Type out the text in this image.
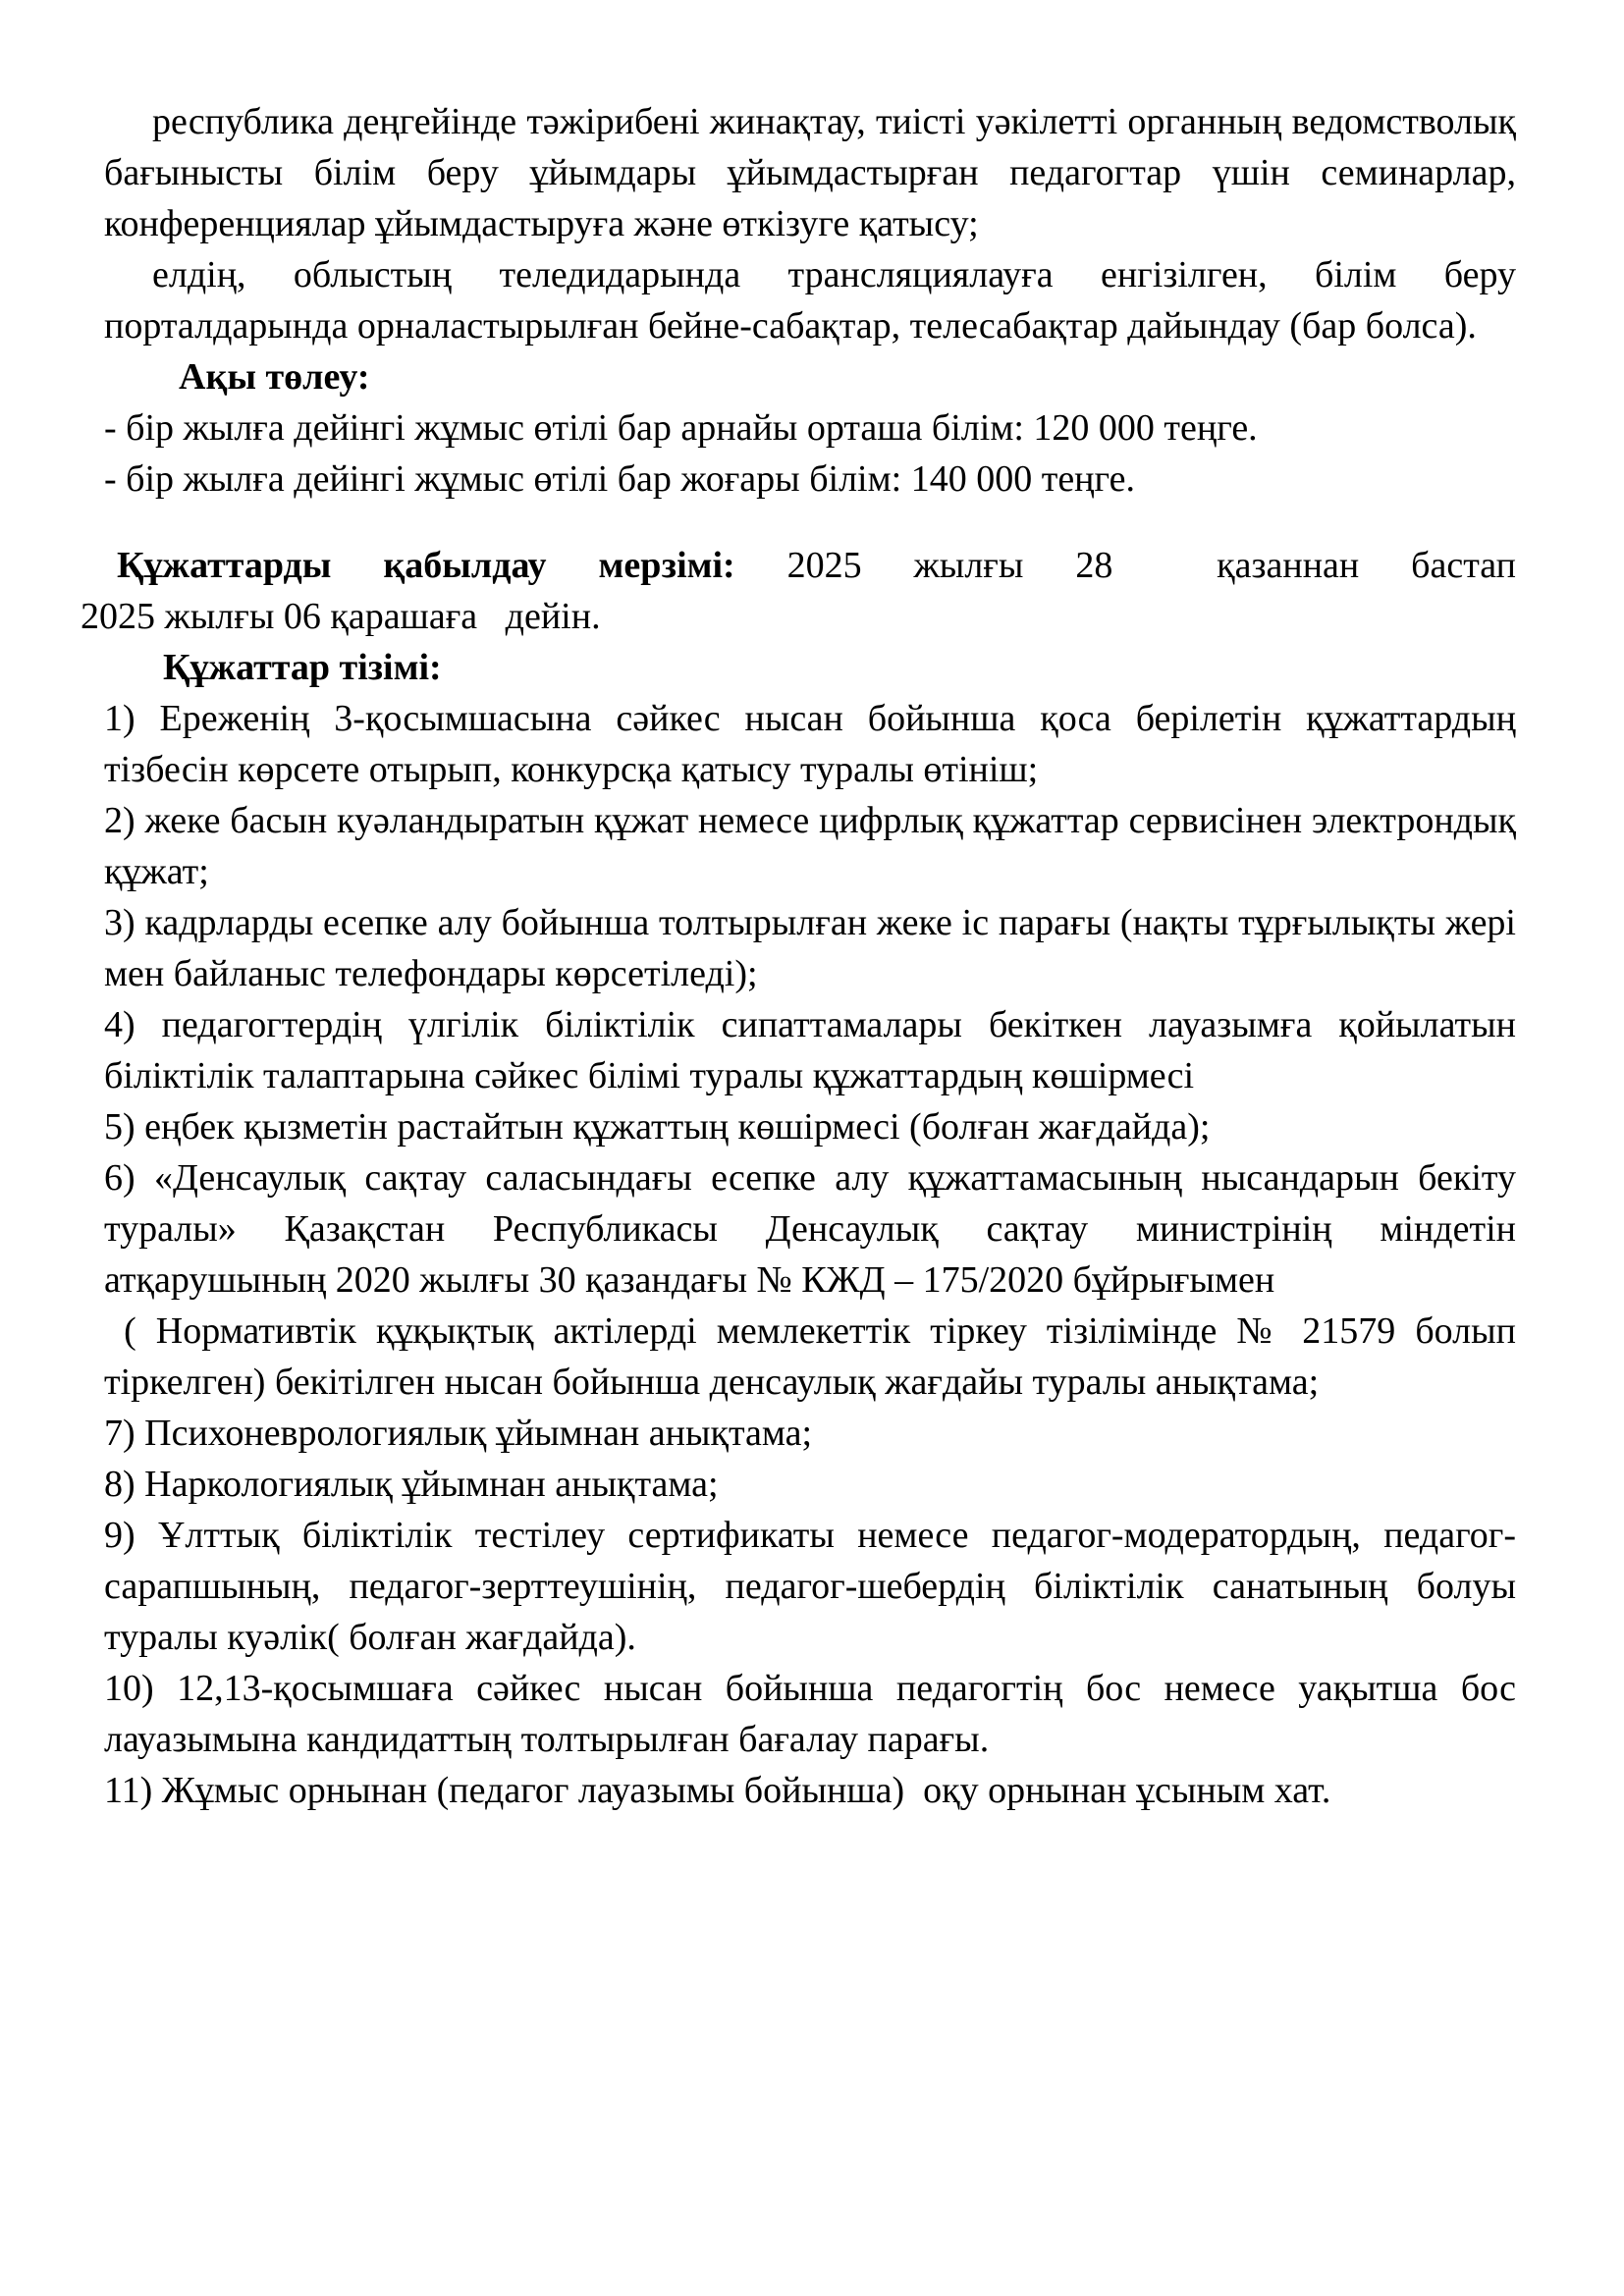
республика деңгейінде тәжірибені жинақтау, тиісті уәкілетті органның ведомстволық бағынысты білім беру ұйымдары ұйымдастырған педагогтар үшін семинарлар, конференциялар ұйымдастыруға және өткізуге қатысу;

елдің, облыстың теледидарында трансляциялауға енгізілген, білім беру порталдарында орналастырылған бейне-сабақтар, телесабақтар дайындау (бар болса).

Ақы төлеу:

- бір жылға дейінгі жұмыс өтілі бар арнайы орташа білім: 120 000 теңге.

- бір жылға дейінгі жұмыс өтілі бар жоғары білім: 140 000 теңге.

Құжаттарды қабылдау мерзімі: 2025 жылғы 28  қазаннан бастап

2025 жылғы 06 қарашаға   дейін.

Құжаттар тізімі:

1) Ереженің 3-қосымшасына сәйкес нысан бойынша қоса берілетін құжаттардың тізбесін көрсете отырып, конкурсқа қатысу туралы өтініш;

2) жеке басын куәландыратын құжат немесе цифрлық құжаттар сервисінен электрондық құжат;

3) кадрларды есепке алу бойынша толтырылған жеке іс парағы (нақты тұрғылықты жері мен байланыс телефондары көрсетіледі);

4) педагогтердің үлгілік біліктілік сипаттамалары бекіткен лауазымға қойылатын біліктілік талаптарына сәйкес білімі туралы құжаттардың көшірмесі

5) еңбек қызметін растайтын құжаттың көшірмесі (болған жағдайда);

6) «Денсаулық сақтау саласындағы есепке алу құжаттамасының нысандарын бекіту туралы» Қазақстан Республикасы Денсаулық сақтау министрінің міндетін атқарушының 2020 жылғы 30 қазандағы № КЖД – 175/2020 бұйрығымен

( Нормативтік құқықтық актілерді мемлекеттік тіркеу тізілімінде № 21579 болып тіркелген) бекітілген нысан бойынша денсаулық жағдайы туралы анықтама;

7) Психоневрологиялық ұйымнан анықтама;

8) Наркологиялық ұйымнан анықтама;

9) Ұлттық біліктілік тестілеу сертификаты немесе педагог-модератордың, педагог-сарапшының, педагог-зерттеушінің, педагог-шебердің біліктілік санатының болуы туралы куәлік( болған жағдайда).

10) 12,13-қосымшаға сәйкес нысан бойынша педагогтің бос немесе уақытша бос лауазымына кандидаттың толтырылған бағалау парағы.

11) Жұмыс орнынан (педагог лауазымы бойынша)  оқу орнынан ұсыным хат.
